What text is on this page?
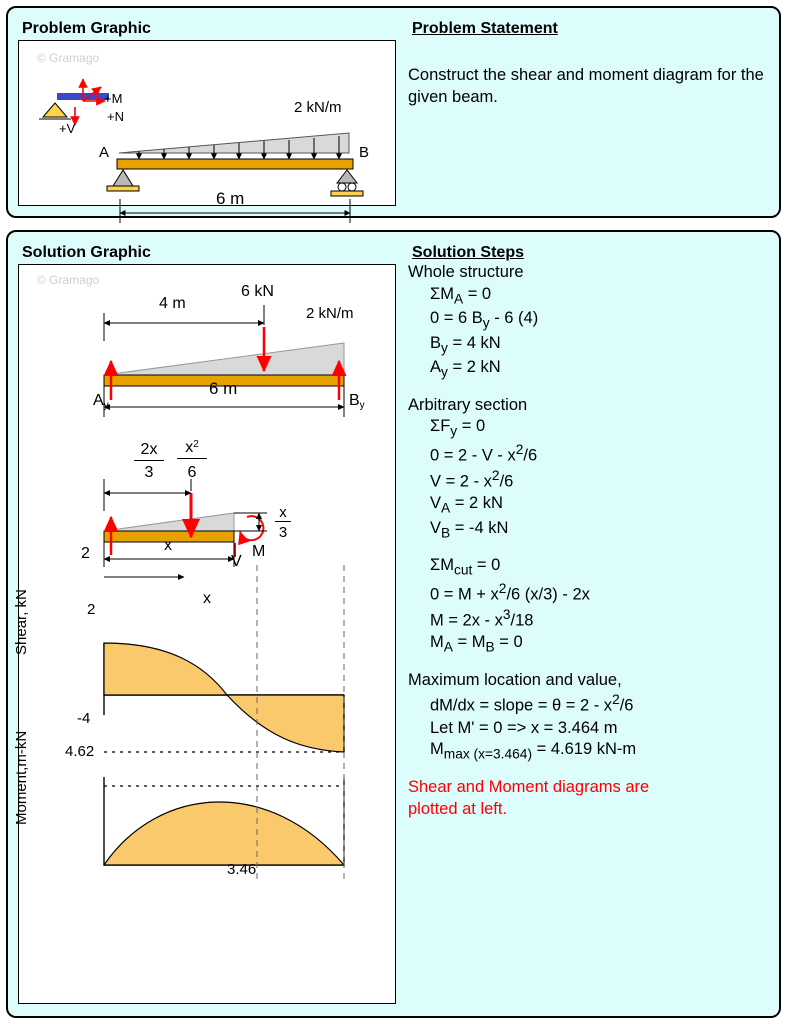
Problem Graphic
© Gramago
+M
+N
+V
2 kN/m
A	B
6 m
Problem Statement
Construct the shear and moment diagram for the given beam.
Solution Graphic	Solution Steps
© Gramago
4 m
6 kN
2 kN/m
$A_y$	$B_y$
6 m
2x
3
$x^2$
6
x
3
2	x
V
M
x
2
-4
4.62
3.46
Shear, kN
Moment,m-kN
Whole structure
$\Sigma M_A = 0$
0 = 6 $B_y - 6$ (4)
$B_y = 4$ kN
$A_y = 2$ kN
Arbitrary section
$\Sigma F_y = 0$
$0 = 2 - V - x^2/6$
$V = 2 - x^2/6$
$V_A = 2$ kN
$V_B = -4$ kN
$\Sigma M_{cut} = 0$
$0 = M + x^2/6$ (x/3) - 2x
$M = 2x - x^3/18$
$M_A = M_B = 0$
Maximum location and value,
dM/dx = slope = $\theta = 2 - x^2/6$
Let M' = 0 => x = 3.464 m
$M_{max (x=3.464)} = 4.619$ kN-m
Shear and Moment diagrams are
plotted at left.
